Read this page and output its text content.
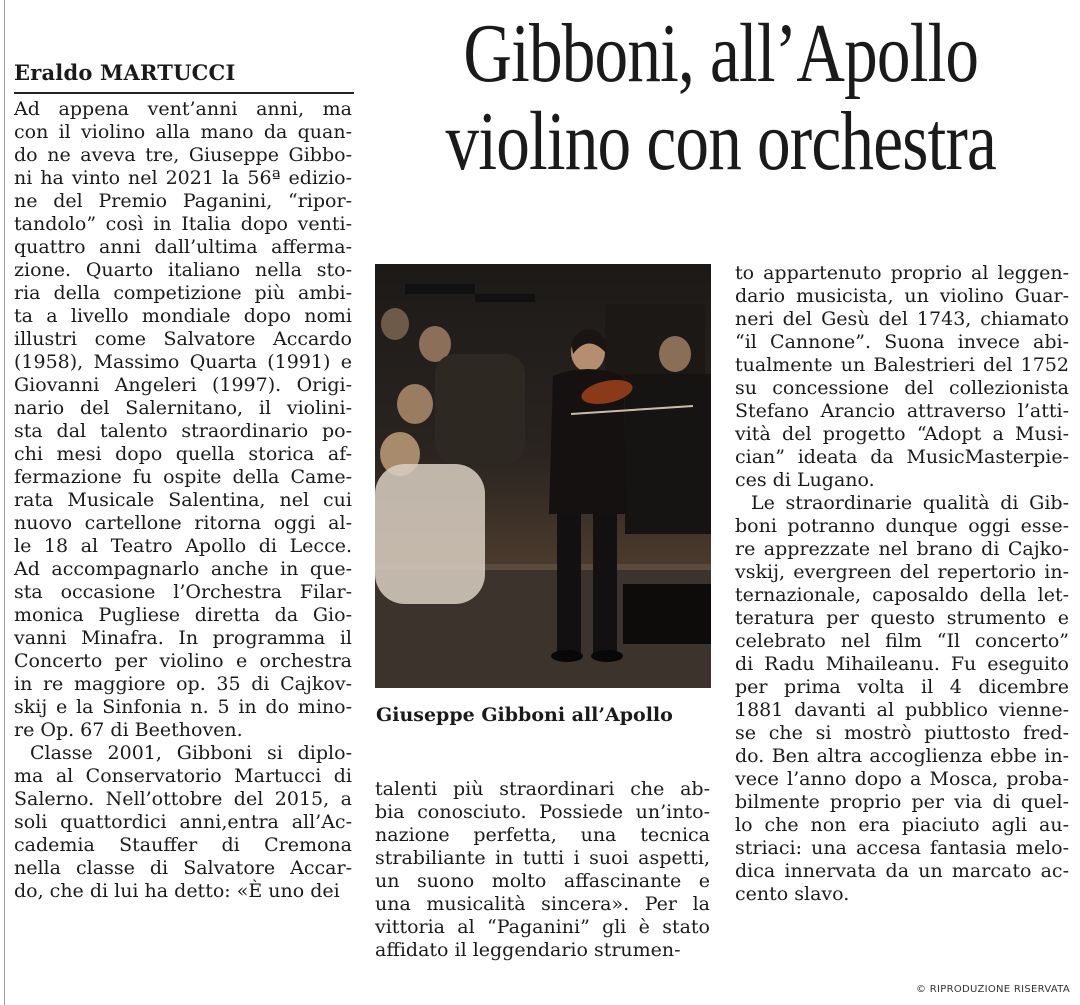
Eraldo MARTUCCI	Gibboni, all’Apollo
violino con orchestra
Ad appena vent’anni anni, ma
con il violino alla mano da quan-
do ne aveva tre, Giuseppe Gibbo-
ni ha vinto nel 2021 la 56ª edizio-
ne del Premio Paganini, “ripor-
tandolo” così in Italia dopo venti-
quattro anni dall’ultima afferma-
zione. Quarto italiano nella sto-
ria della competizione più ambi-
ta a livello mondiale dopo nomi
illustri come Salvatore Accardo
(1958), Massimo Quarta (1991) e
Giovanni Angeleri (1997). Origi-
nario del Salernitano, il violini-
sta dal talento straordinario po-
chi mesi dopo quella storica af-
fermazione fu ospite della Came-
rata Musicale Salentina, nel cui
nuovo cartellone ritorna oggi al-
le 18 al Teatro Apollo di Lecce.
Ad accompagnarlo anche in que-
sta occasione l’Orchestra Filar-
monica Pugliese diretta da Gio-
vanni Minafra. In programma il
Concerto per violino e orchestra
in re maggiore op. 35 di Cajkov-
skij e la Sinfonia n. 5 in do mino-
re Op. 67 di Beethoven.
Classe 2001, Gibboni si diplo-
ma al Conservatorio Martucci di
Salerno. Nell’ottobre del 2015, a
soli quattordici anni,entra all’Ac-
cademia Stauffer di Cremona
nella classe di Salvatore Accar-
do, che di lui ha detto: «È uno dei
Giuseppe Gibboni all’Apollo
talenti più straordinari che ab-
bia conosciuto. Possiede un’into-
nazione perfetta, una tecnica
strabiliante in tutti i suoi aspetti,
un suono molto affascinante e
una musicalità sincera». Per la
vittoria al “Paganini” gli è stato
affidato il leggendario strumen-
to appartenuto proprio al leggen-
dario musicista, un violino Guar-
neri del Gesù del 1743, chiamato
“il Cannone”. Suona invece abi-
tualmente un Balestrieri del 1752
su concessione del collezionista
Stefano Arancio attraverso l’atti-
vità del progetto “Adopt a Musi-
cian” ideata da MusicMasterpie-
ces di Lugano.
Le straordinarie qualità di Gib-
boni potranno dunque oggi esse-
re apprezzate nel brano di Cajko-
vskij, evergreen del repertorio in-
ternazionale, caposaldo della let-
teratura per questo strumento e
celebrato nel film “Il concerto”
di Radu Mihaileanu. Fu eseguito
per prima volta il 4 dicembre
1881 davanti al pubblico vienne-
se che si mostrò piuttosto fred-
do. Ben altra accoglienza ebbe in-
vece l’anno dopo a Mosca, proba-
bilmente proprio per via di quel-
lo che non era piaciuto agli au-
striaci: una accesa fantasia melo-
dica innervata da un marcato ac-
cento slavo.
© RIPRODUZIONE RISERVATA
